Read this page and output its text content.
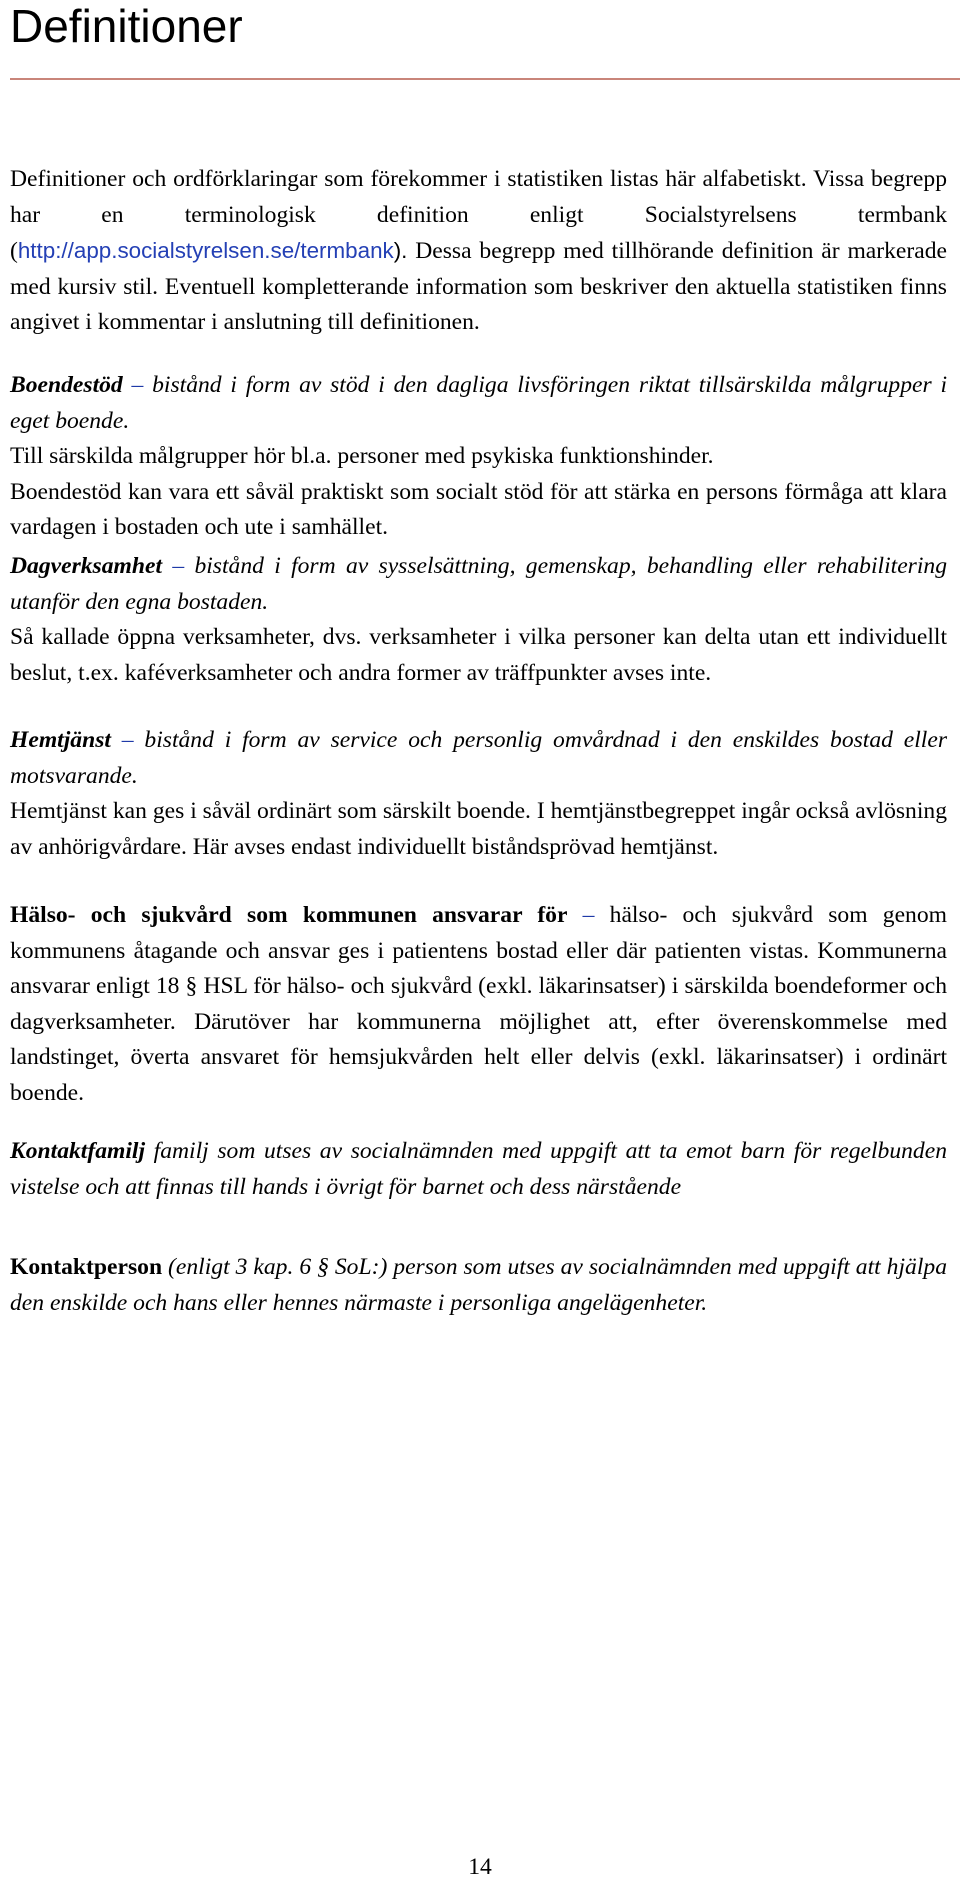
Definitioner

Definitioner och ordförklaringar som förekommer i statistiken listas här alfabetiskt. Vissa begrepp har en terminologisk definition enligt Socialstyrelsens termbank (http://app.socialstyrelsen.se/termbank). Dessa begrepp med tillhörande definition är markerade med kursiv stil. Eventuell kompletterande information som beskriver den aktuella statistiken finns angivet i kommentar i anslutning till definitionen.

Boendestöd – bistånd i form av stöd i den dagliga livsföringen riktat tillsärskilda målgrupper i eget boende.

Till särskilda målgrupper hör bl.a. personer med psykiska funktionshinder.

Boendestöd kan vara ett såväl praktiskt som socialt stöd för att stärka en persons förmåga att klara vardagen i bostaden och ute i samhället.

Dagverksamhet – bistånd i form av sysselsättning, gemenskap, behandling eller rehabilitering utanför den egna bostaden.

Så kallade öppna verksamheter, dvs. verksamheter i vilka personer kan delta utan ett individuellt beslut, t.ex. kaféverksamheter och andra former av träffpunkter avses inte.

Hemtjänst – bistånd i form av service och personlig omvårdnad i den enskildes bostad eller motsvarande.

Hemtjänst kan ges i såväl ordinärt som särskilt boende. I hemtjänstbegreppet ingår också avlösning av anhörigvårdare. Här avses endast individuellt biståndsprövad hemtjänst.

Hälso- och sjukvård som kommunen ansvarar för – hälso- och sjukvård som genom kommunens åtagande och ansvar ges i patientens bostad eller där patienten vistas. Kommunerna ansvarar enligt 18 § HSL för hälso- och sjukvård (exkl. läkarinsatser) i särskilda boendeformer och dagverksamheter. Därutöver har kommunerna möjlighet att, efter överenskommelse med landstinget, överta ansvaret för hemsjukvården helt eller delvis (exkl. läkarinsatser) i ordinärt boende.

Kontaktfamilj familj som utses av socialnämnden med uppgift att ta emot barn för regelbunden vistelse och att finnas till hands i övrigt för barnet och dess närstående

Kontaktperson (enligt 3 kap. 6 § SoL:) person som utses av socialnämnden med uppgift att hjälpa den enskilde och hans eller hennes närmaste i personliga angelägenheter.

14
